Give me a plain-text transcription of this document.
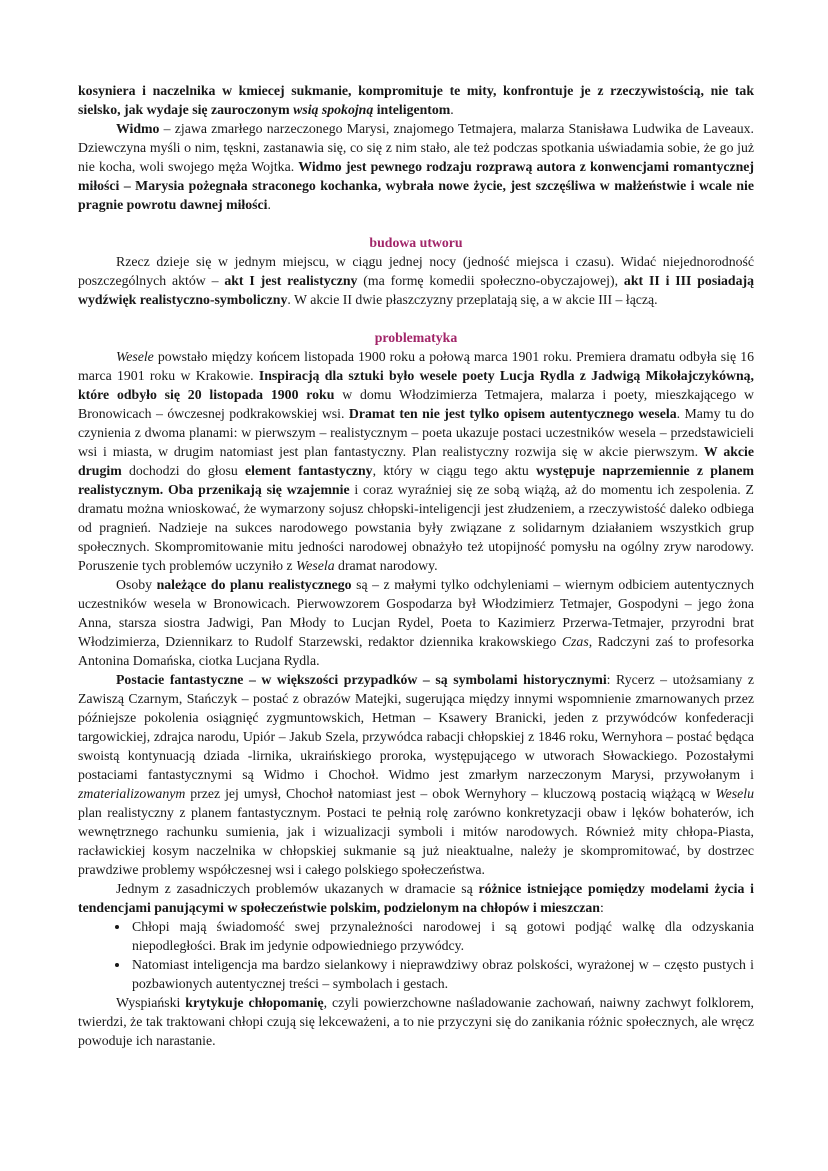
kosyniera i naczelnika w kmiecej sukmanie, kompromituje te mity, konfrontuje je z rzeczywistością, nie tak sielsko, jak wydaje się zauroczonym wsią spokojną inteligentom.

Widmo – zjawa zmarłego narzeczonego Marysi, znajomego Tetmajera, malarza Stanisława Ludwika de Laveaux. Dziewczyna myśli o nim, tęskni, zastanawia się, co się z nim stało, ale też podczas spotkania uświadamia sobie, że go już nie kocha, woli swojego męża Wojtka. Widmo jest pewnego rodzaju rozprawą autora z konwencjami romantycznej miłości – Marysia pożegnała straconego kochanka, wybrała nowe życie, jest szczęśliwa w małżeństwie i wcale nie pragnie powrotu dawnej miłości.

budowa utworu

Rzecz dzieje się w jednym miejscu, w ciągu jednej nocy (jedność miejsca i czasu). Widać niejednorodność poszczególnych aktów – akt I jest realistyczny (ma formę komedii społeczno-obyczajowej), akt II i III posiadają wydźwięk realistyczno-symboliczny. W akcie II dwie płaszczyzny przeplatają się, a w akcie III – łączą.

problematyka

Wesele powstało między końcem listopada 1900 roku a połową marca 1901 roku. Premiera dramatu odbyła się 16 marca 1901 roku w Krakowie. Inspiracją dla sztuki było wesele poety Lucja Rydla z Jadwigą Mikołajczykówną, które odbyło się 20 listopada 1900 roku w domu Włodzimierza Tetmajera, malarza i poety, mieszkającego w Bronowicach – ówczesnej podkrakowskiej wsi. Dramat ten nie jest tylko opisem autentycznego wesela. Mamy tu do czynienia z dwoma planami: w pierwszym – realistycznym – poeta ukazuje postaci uczestników wesela – przedstawicieli wsi i miasta, w drugim natomiast jest plan fantastyczny. Plan realistyczny rozwija się w akcie pierwszym. W akcie drugim dochodzi do głosu element fantastyczny, który w ciągu tego aktu występuje naprzemiennie z planem realistycznym. Oba przenikają się wzajemnie i coraz wyraźniej się ze sobą wiążą, aż do momentu ich zespolenia. Z dramatu można wnioskować, że wymarzony sojusz chłopski-inteligencji jest złudzeniem, a rzeczywistość daleko odbiega od pragnień. Nadzieje na sukces narodowego powstania były związane z solidarnym działaniem wszystkich grup społecznych. Skompromitowanie mitu jedności narodowej obnażyło też utopijność pomysłu na ogólny zryw narodowy. Poruszenie tych problemów uczyniło z Wesela dramat narodowy.

Osoby należące do planu realistycznego są – z małymi tylko odchyleniami – wiernym odbiciem autentycznych uczestników wesela w Bronowicach. Pierwowzorem Gospodarza był Włodzimierz Tetmajer, Gospodyni – jego żona Anna, starsza siostra Jadwigi, Pan Młody to Lucjan Rydel, Poeta to Kazimierz Przerwa-Tetmajer, przyrodni brat Włodzimierza, Dziennikarz to Rudolf Starzewski, redaktor dziennika krakowskiego Czas, Radczyni zaś to profesorka Antonina Domańska, ciotka Lucjana Rydla.

Postacie fantastyczne – w większości przypadków – są symbolami historycznymi: Rycerz – utożsamiany z Zawiszą Czarnym, Stańczyk – postać z obrazów Matejki, sugerująca między innymi wspomnienie zmarnowanych przez późniejsze pokolenia osiągnięć zygmuntowskich, Hetman – Ksawery Branicki, jeden z przywódców konfederacji targowickiej, zdrajca narodu, Upiór – Jakub Szela, przywódca rabacji chłopskiej z 1846 roku, Wernyhora – postać będąca swoistą kontynuacją dziada -lirnika, ukraińskiego proroka, występującego w utworach Słowackiego. Pozostałymi postaciami fantastycznymi są Widmo i Chochoł. Widmo jest zmarłym narzeczonym Marysi, przywołanym i zmaterializowanym przez jej umysł, Chochoł natomiast jest – obok Wernyhory – kluczową postacią wiążącą w Weselu plan realistyczny z planem fantastycznym. Postaci te pełnią rolę zarówno konkretyzacji obaw i lęków bohaterów, ich wewnętrznego rachunku sumienia, jak i wizualizacji symboli i mitów narodowych. Również mity chłopa-Piasta, racławickiej kosym naczelnika w chłopskiej sukmanie są już nieaktualne, należy je skompromitować, by dostrzec prawdziwe problemy współczesnej wsi i całego polskiego społeczeństwa.

Jednym z zasadniczych problemów ukazanych w dramacie są różnice istniejące pomiędzy modelami życia i tendencjami panującymi w społeczeństwie polskim, podzielonym na chłopów i mieszczan:

• Chłopi mają świadomość swej przynależności narodowej i są gotowi podjąć walkę dla odzyskania niepodległości. Brak im jedynie odpowiedniego przywódcy.
• Natomiast inteligencja ma bardzo sielankowy i nieprawdziwy obraz polskości, wyrażonej w – często pustych i pozbawionych autentycznej treści – symbolach i gestach.

Wyspiański krytykuje chłopomanię, czyli powierzchowne naśladowanie zachowań, naiwny zachwyt folklorem, twierdzi, że tak traktowani chłopi czują się lekceważeni, a to nie przyczyni się do zanikania różnic społecznych, ale wręcz powoduje ich narastanie.
